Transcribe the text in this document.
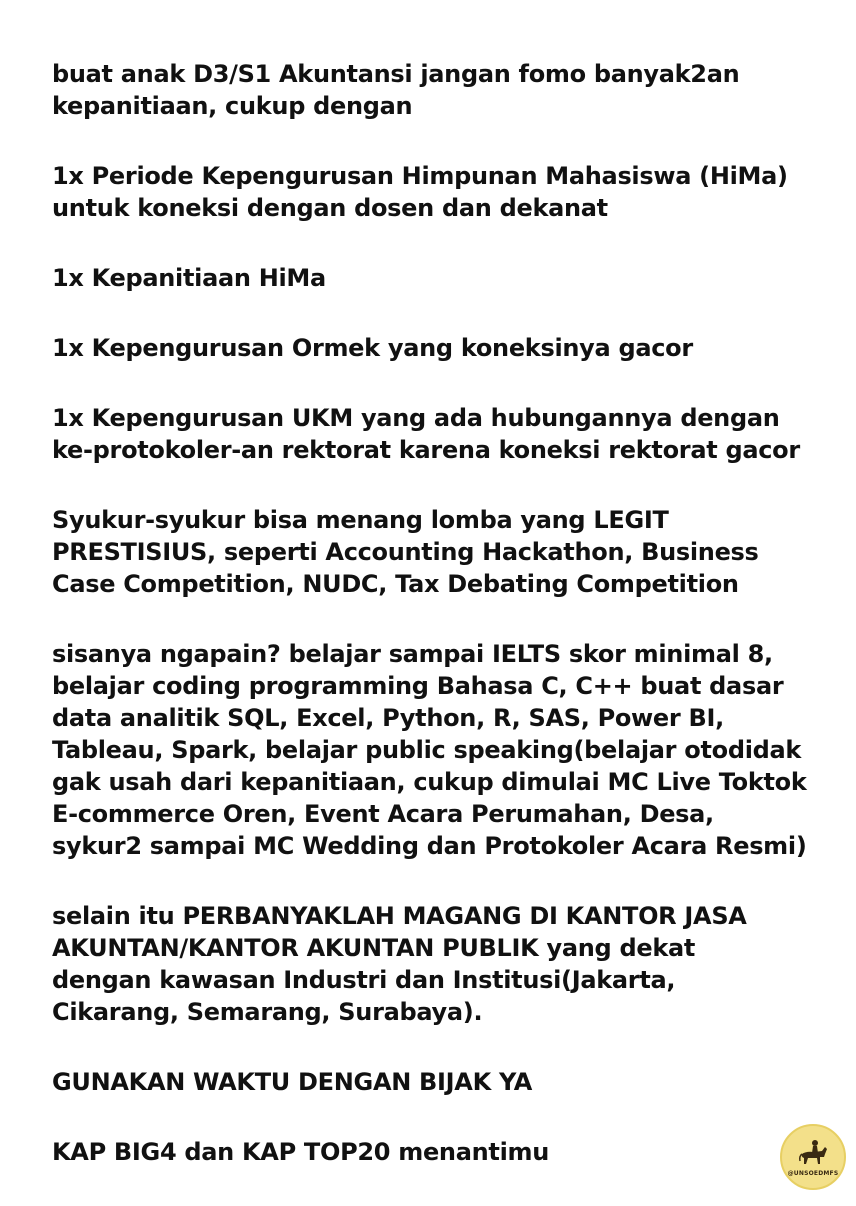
buat anak D3/S1 Akuntansi jangan fomo banyak2an
kepanitiaan, cukup dengan

1x Periode Kepengurusan Himpunan Mahasiswa (HiMa)
untuk koneksi dengan dosen dan dekanat

1x Kepanitiaan HiMa

1x Kepengurusan Ormek yang koneksinya gacor

1x Kepengurusan UKM yang ada hubungannya dengan
ke-protokoler-an rektorat karena koneksi rektorat gacor

Syukur-syukur bisa menang lomba yang LEGIT
PRESTISIUS, seperti Accounting Hackathon, Business
Case Competition, NUDC, Tax Debating Competition

sisanya ngapain? belajar sampai IELTS skor minimal 8,
belajar coding programming Bahasa C, C++ buat dasar
data analitik SQL, Excel, Python, R, SAS, Power BI,
Tableau, Spark, belajar public speaking(belajar otodidak
gak usah dari kepanitiaan, cukup dimulai MC Live Toktok
E-commerce Oren, Event Acara Perumahan, Desa,
sykur2 sampai MC Wedding dan Protokoler Acara Resmi)

selain itu PERBANYAKLAH MAGANG DI KANTOR JASA
AKUNTAN/KANTOR AKUNTAN PUBLIK yang dekat
dengan kawasan Industri dan Institusi(Jakarta,
Cikarang, Semarang, Surabaya).

GUNAKAN WAKTU DENGAN BIJAK YA

KAP BIG4 dan KAP TOP20 menantimu

@UNSOEDMFS
